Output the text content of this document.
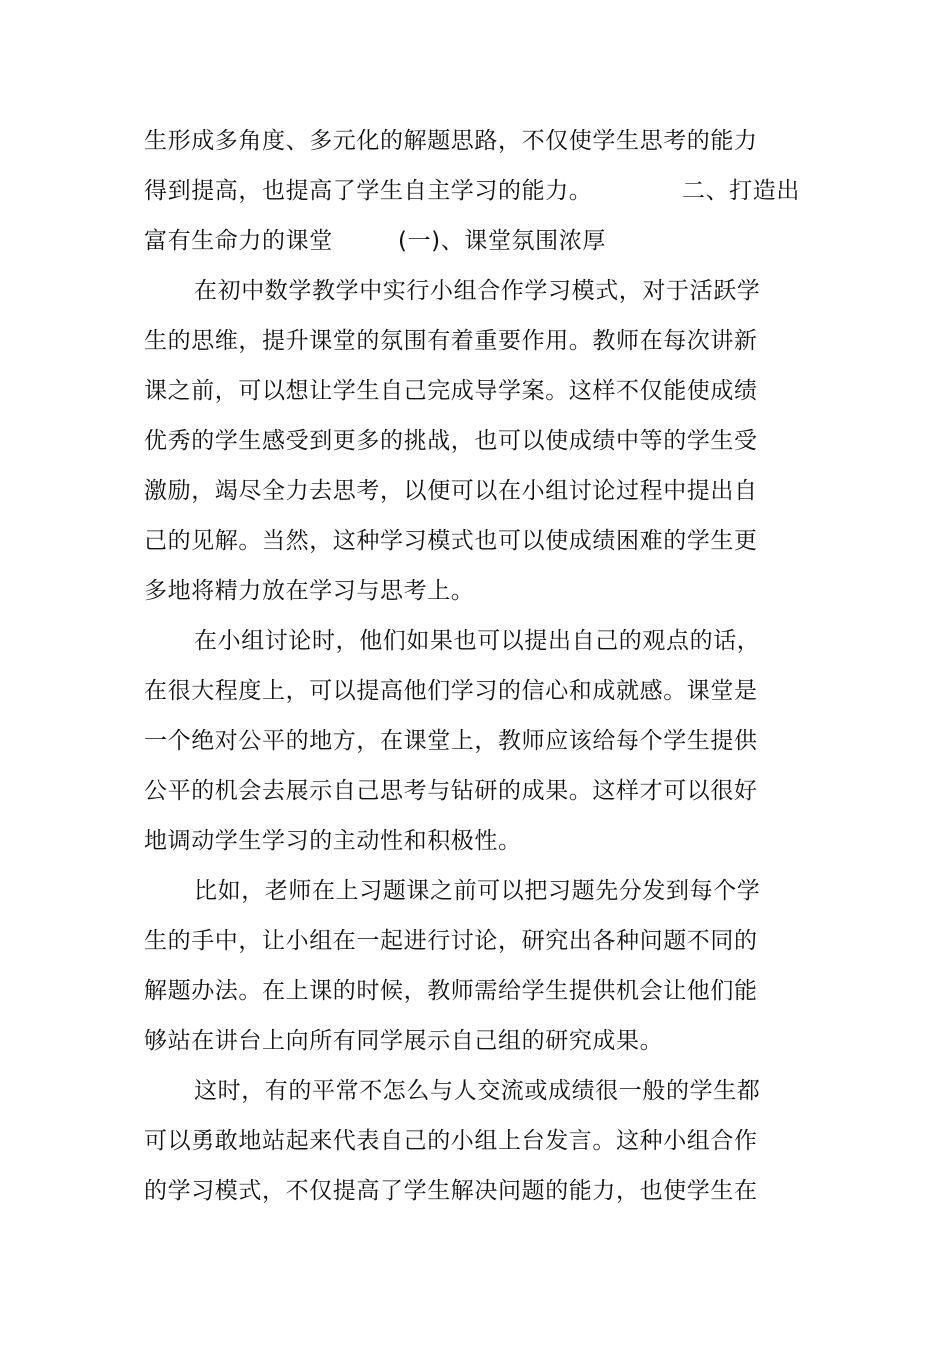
生形成多角度、多元化的解题思路，不仅使学生思考的能力
得到提高，也提高了学生自主学习的能力。	二、打造出
富有生命力的课堂	(一)、课堂氛围浓厚
在初中数学教学中实行小组合作学习模式，对于活跃学
生的思维，提升课堂的氛围有着重要作用。教师在每次讲新
课之前，可以想让学生自己完成导学案。这样不仅能使成绩
优秀的学生感受到更多的挑战，也可以使成绩中等的学生受
激励，竭尽全力去思考，以便可以在小组讨论过程中提出自
己的见解。当然，这种学习模式也可以使成绩困难的学生更
多地将精力放在学习与思考上。
在小组讨论时，他们如果也可以提出自己的观点的话，
在很大程度上，可以提高他们学习的信心和成就感。课堂是
一个绝对公平的地方，在课堂上，教师应该给每个学生提供
公平的机会去展示自己思考与钻研的成果。这样才可以很好
地调动学生学习的主动性和积极性。
比如，老师在上习题课之前可以把习题先分发到每个学
生的手中，让小组在一起进行讨论，研究出各种问题不同的
解题办法。在上课的时候，教师需给学生提供机会让他们能
够站在讲台上向所有同学展示自己组的研究成果。
这时，有的平常不怎么与人交流或成绩很一般的学生都
可以勇敢地站起来代表自己的小组上台发言。这种小组合作
的学习模式，不仅提高了学生解决问题的能力，也使学生在
